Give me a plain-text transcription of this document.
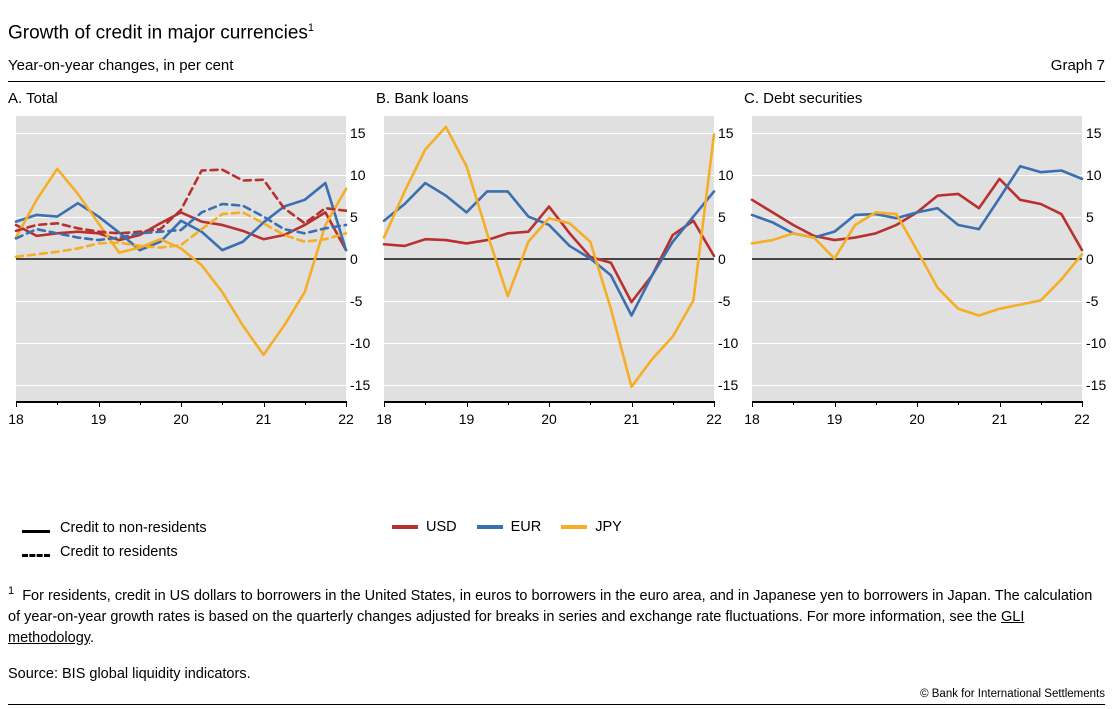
Growth of credit in major currencies$^1$
Year-on-year changes, in per cent	Graph 7
A. Total
15
10
5
0
-5
-10
-15
18	19	20	21	22
B. Bank loans
15
10
5
0
-5
-10
-15
18	19	20	21	22
C. Debt securities
15
10
5
0
-5
-10
-15
18	19	20	21	22
Credit to non-residents
Credit to residents
USD	EUR	JPY
$^1$ For residents, credit in US dollars to borrowers in the United States, in euros to borrowers in the euro area, and in Japanese yen to borrowers in Japan. The calculation of year-on-year growth rates is based on the quarterly changes adjusted for breaks in series and exchange rate fluctuations. For more information, see the GLI methodology.
Source: BIS global liquidity indicators.
© Bank for International Settlements
